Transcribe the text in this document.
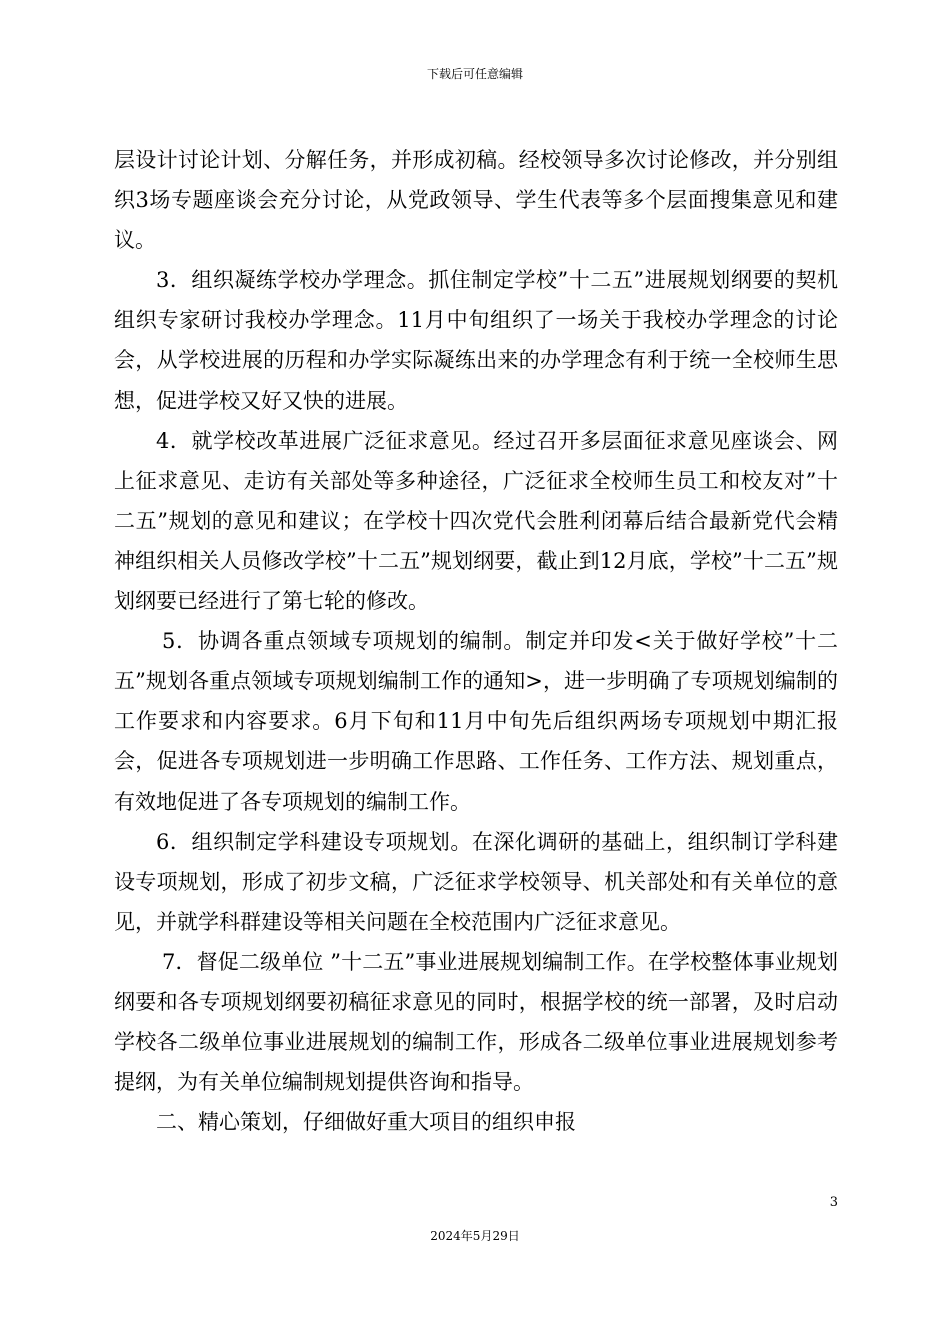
下载后可任意编辑

层设计讨论计划、分解任务，并形成初稿。经校领导多次讨论修改，并分别组织3场专题座谈会充分讨论，从党政领导、学生代表等多个层面搜集意见和建议。

3．组织凝练学校办学理念。抓住制定学校”十二五”进展规划纲要的契机组织专家研讨我校办学理念。11月中旬组织了一场关于我校办学理念的讨论会，从学校进展的历程和办学实际凝练出来的办学理念有利于统一全校师生思想，促进学校又好又快的进展。

4．就学校改革进展广泛征求意见。经过召开多层面征求意见座谈会、网上征求意见、走访有关部处等多种途径，广泛征求全校师生员工和校友对”十二五”规划的意见和建议；在学校十四次党代会胜利闭幕后结合最新党代会精神组织相关人员修改学校”十二五”规划纲要，截止到12月底，学校”十二五”规划纲要已经进行了第七轮的修改。

5．协调各重点领域专项规划的编制。制定并印发<关于做好学校”十二五”规划各重点领域专项规划编制工作的通知>，进一步明确了专项规划编制的工作要求和内容要求。6月下旬和11月中旬先后组织两场专项规划中期汇报会，促进各专项规划进一步明确工作思路、工作任务、工作方法、规划重点，有效地促进了各专项规划的编制工作。

6．组织制定学科建设专项规划。在深化调研的基础上，组织制订学科建设专项规划，形成了初步文稿，广泛征求学校领导、机关部处和有关单位的意见，并就学科群建设等相关问题在全校范围内广泛征求意见。

7．督促二级单位 ”十二五”事业进展规划编制工作。在学校整体事业规划纲要和各专项规划纲要初稿征求意见的同时，根据学校的统一部署，及时启动学校各二级单位事业进展规划的编制工作，形成各二级单位事业进展规划参考提纲，为有关单位编制规划提供咨询和指导。

二、精心策划，仔细做好重大项目的组织申报

3
2024年5月29日
